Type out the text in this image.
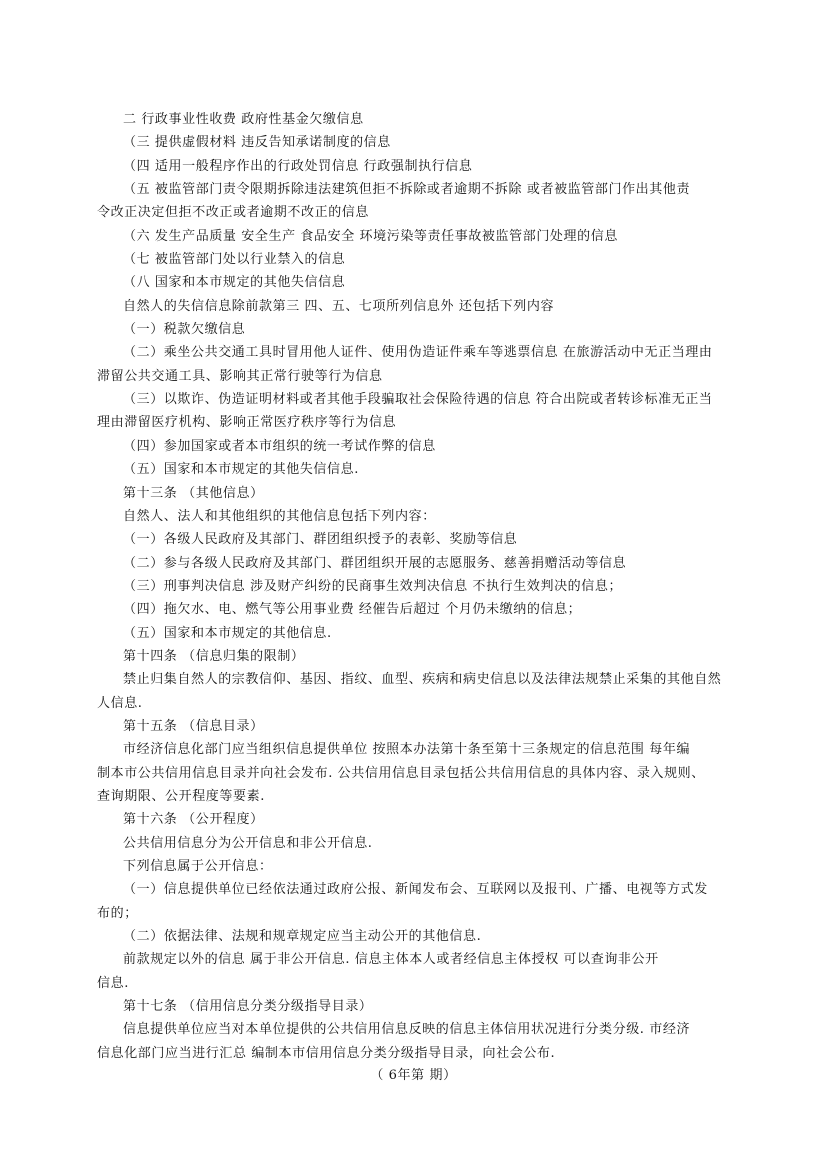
二 行政事业性收费 政府性基金欠缴信息
（三 提供虚假材料 违反告知承诺制度的信息
（四 适用一般程序作出的行政处罚信息 行政强制执行信息
（五 被监管部门责令限期拆除违法建筑但拒不拆除或者逾期不拆除 或者被监管部门作出其他责
令改正决定但拒不改正或者逾期不改正的信息
（六 发生产品质量 安全生产 食品安全 环境污染等责任事故被监管部门处理的信息
（七 被监管部门处以行业禁入的信息
（八 国家和本市规定的其他失信信息
自然人的失信信息除前款第三 四、五、七项所列信息外 还包括下列内容
（一）税款欠缴信息
（二）乘坐公共交通工具时冒用他人证件、使用伪造证件乘车等逃票信息 在旅游活动中无正当理由
滞留公共交通工具、影响其正常行驶等行为信息
（三）以欺诈、伪造证明材料或者其他手段骗取社会保险待遇的信息 符合出院或者转诊标准无正当
理由滞留医疗机构、影响正常医疗秩序等行为信息
（四）参加国家或者本市组织的统一考试作弊的信息
（五）国家和本市规定的其他失信信息.
第十三条 （其他信息）
自然人、法人和其他组织的其他信息包括下列内容：
（一）各级人民政府及其部门、群团组织授予的表彰、奖励等信息
（二）参与各级人民政府及其部门、群团组织开展的志愿服务、慈善捐赠活动等信息
（三）刑事判决信息 涉及财产纠纷的民商事生效判决信息 不执行生效判决的信息；
（四）拖欠水、电、燃气等公用事业费 经催告后超过 个月仍未缴纳的信息；
（五）国家和本市规定的其他信息.
第十四条 （信息归集的限制）
禁止归集自然人的宗教信仰、基因、指纹、血型、疾病和病史信息以及法律法规禁止采集的其他自然
人信息.
第十五条 （信息目录）
市经济信息化部门应当组织信息提供单位 按照本办法第十条至第十三条规定的信息范围 每年编
制本市公共信用信息目录并向社会发布. 公共信用信息目录包括公共信用信息的具体内容、录入规则、
查询期限、公开程度等要素.
第十六条 （公开程度）
公共信用信息分为公开信息和非公开信息.
下列信息属于公开信息：
（一）信息提供单位已经依法通过政府公报、新闻发布会、互联网以及报刊、广播、电视等方式发
布的；
（二）依据法律、法规和规章规定应当主动公开的其他信息.
前款规定以外的信息 属于非公开信息. 信息主体本人或者经信息主体授权 可以查询非公开
信息.
第十七条 （信用信息分类分级指导目录）
信息提供单位应当对本单位提供的公共信用信息反映的信息主体信用状况进行分类分级. 市经济
信息化部门应当进行汇总 编制本市信用信息分类分级指导目录，向社会公布.
（ 6年第 期）
